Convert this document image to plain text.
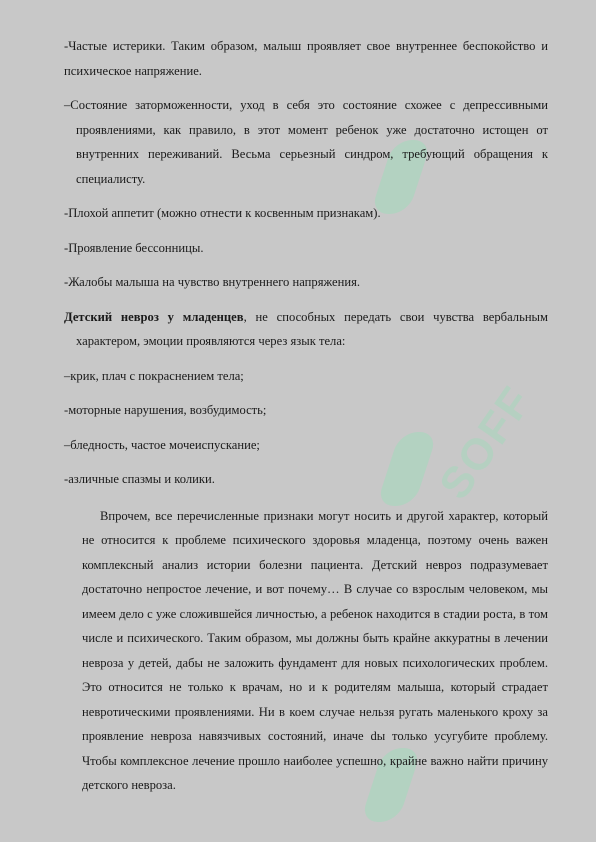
SOFF

-Частые истерики. Таким образом, малыш проявляет свое внутреннее беспокойство и психическое напряжение.

–Состояние заторможенности, уход в себя это состояние схожее с депрессивными проявлениями, как правило, в этот момент ребенок уже достаточно истощен от внутренних переживаний. Весьма серьезный синдром, требующий обращения к специалисту.

-Плохой аппетит (можно отнести к косвенным признакам).

-Проявление бессонницы.

-Жалобы малыша на чувство внутреннего напряжения.

Детский невроз у младенцев, не способных передать свои чувства вербальным характером, эмоции проявляются через язык тела:

–крик, плач с покраснением тела;

-моторные нарушения, возбудимость;

–бледность, частое мочеиспускание;

-азличные спазмы и колики.

Впрочем, все перечисленные признаки могут носить и другой характер, который не относится к проблеме психического здоровья младенца, поэтому очень важен комплексный анализ истории болезни пациента. Детский невроз подразумевает достаточно непростое лечение, и вот почему… В случае со взрослым человеком, мы имеем дело с уже сложившейся личностью, а ребенок находится в стадии роста, в том числе и психического. Таким образом, мы должны быть крайне аккуратны в лечении невроза у детей, дабы не заложить фундамент для новых психологических проблем. Это относится не только к врачам, но и к родителям малыша, который страдает невротическими проявлениями. Ни в коем случае нельзя ругать маленького кроху за проявление невроза навязчивых состояний, иначе dы только усугубите проблему. Чтобы комплексное лечение прошло наиболее успешно, крайне важно найти причину детского невроза.
